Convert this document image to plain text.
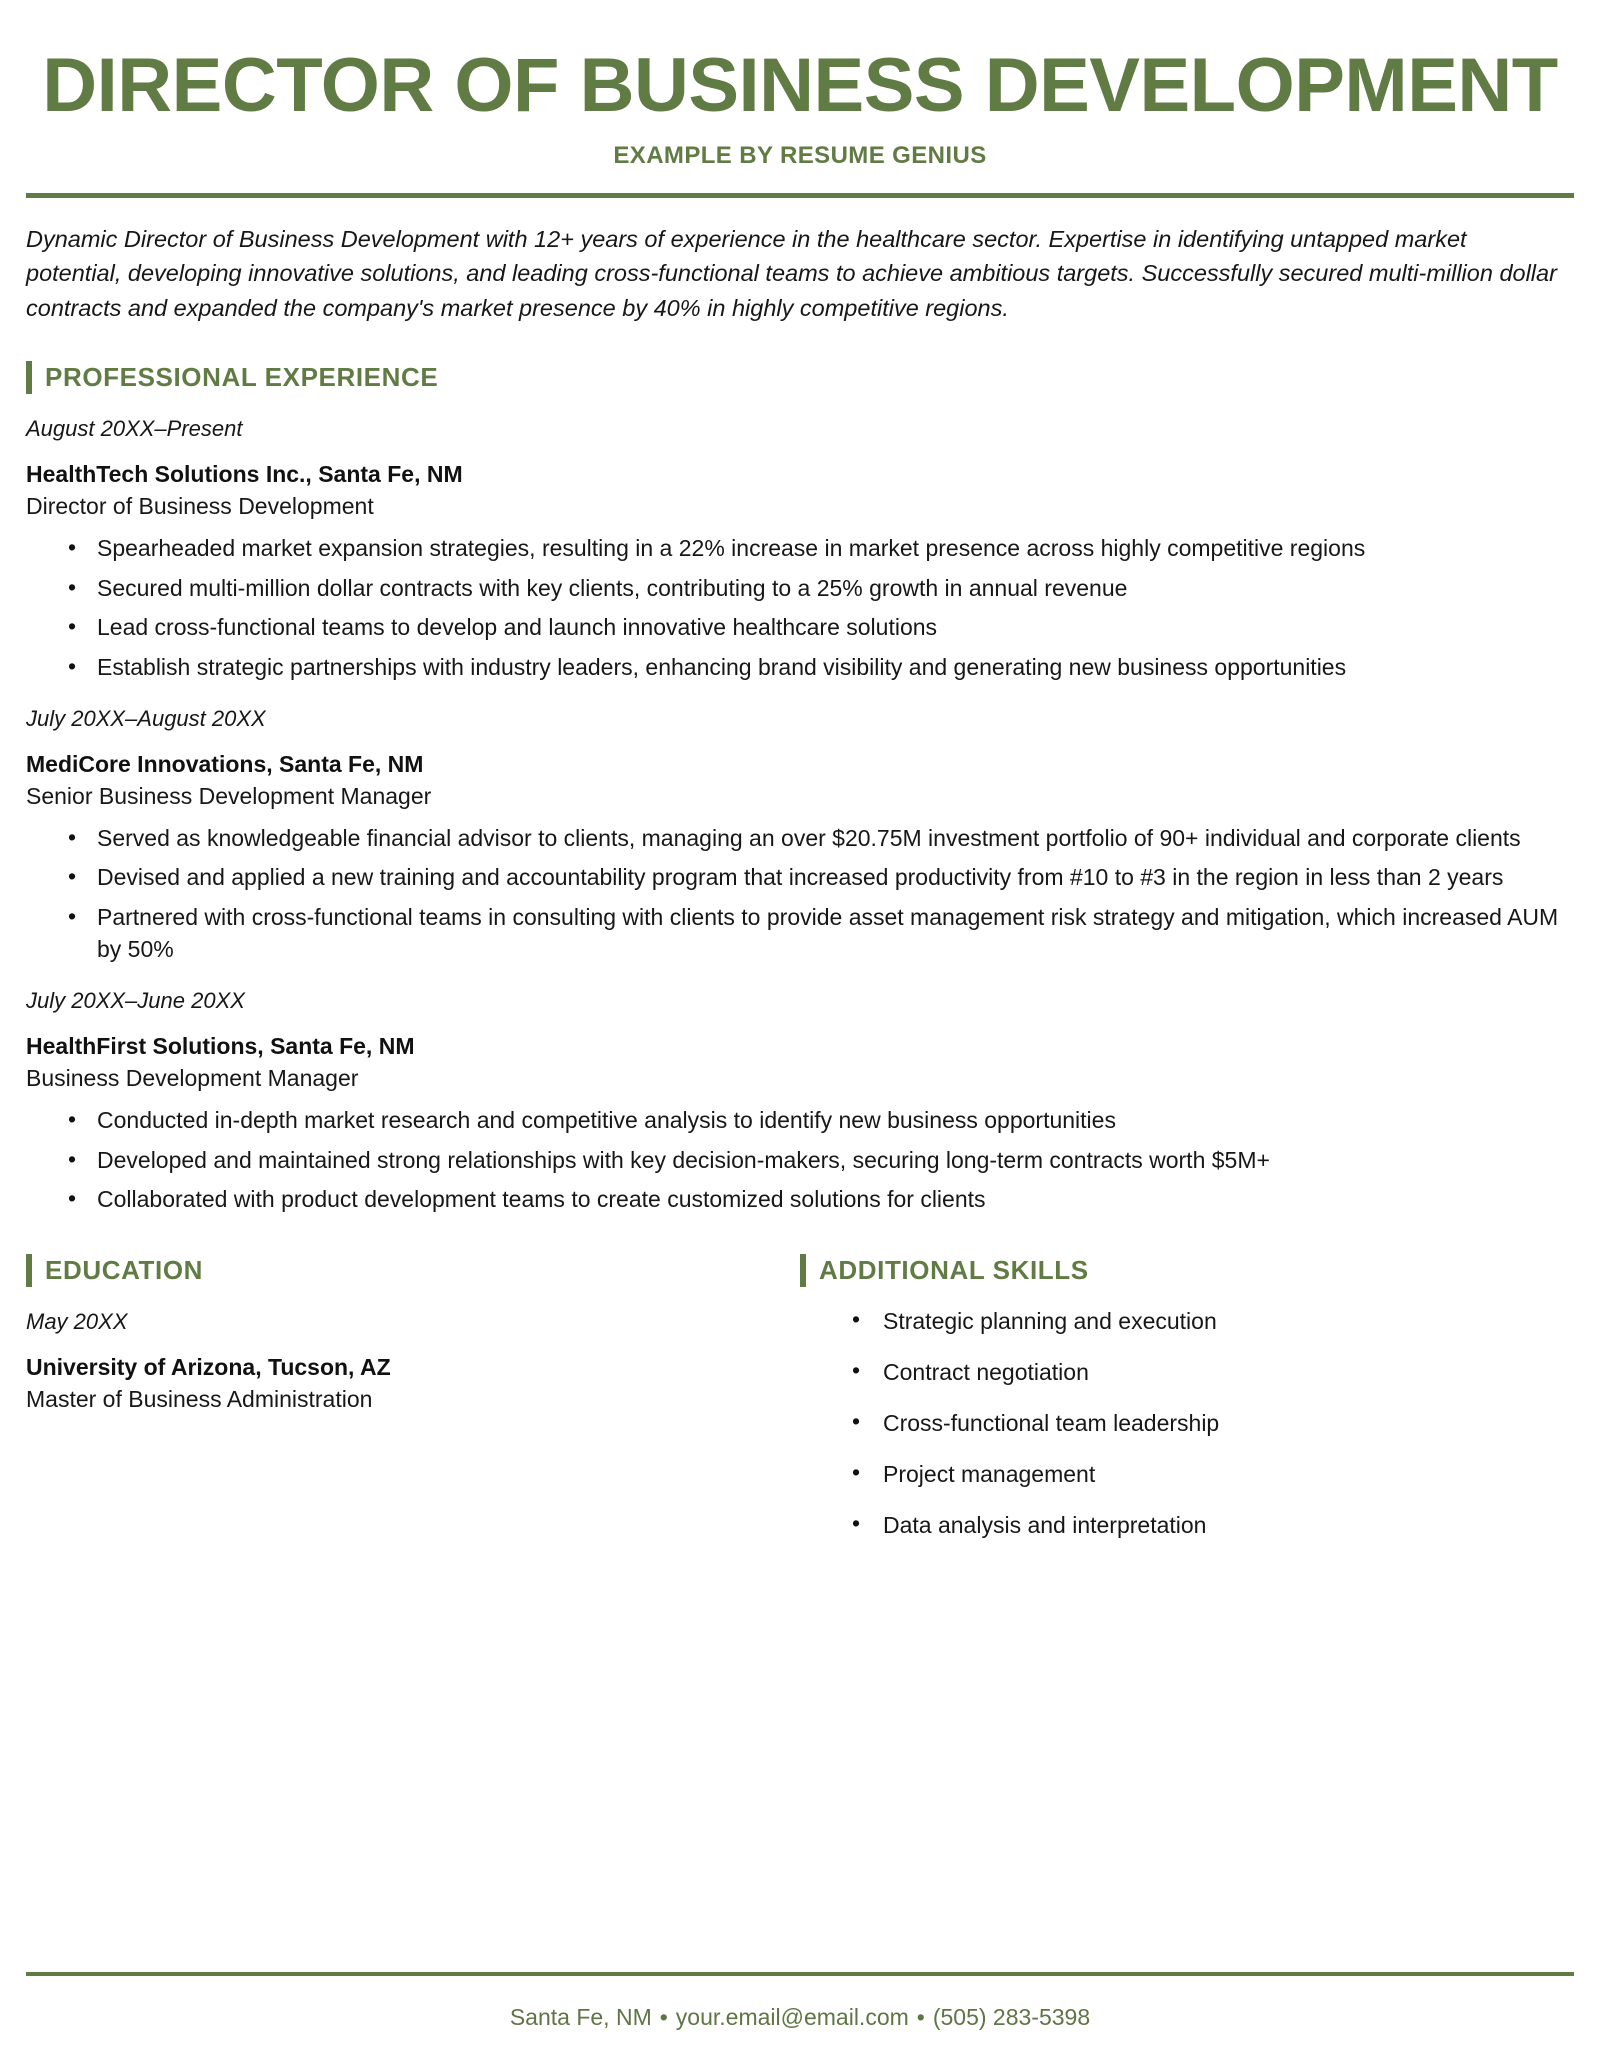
DIRECTOR OF BUSINESS DEVELOPMENT
EXAMPLE BY RESUME GENIUS
Dynamic Director of Business Development with 12+ years of experience in the healthcare sector. Expertise in identifying untapped market potential, developing innovative solutions, and leading cross-functional teams to achieve ambitious targets. Successfully secured multi-million dollar contracts and expanded the company's market presence by 40% in highly competitive regions.
PROFESSIONAL EXPERIENCE
August 20XX–Present
HealthTech Solutions Inc., Santa Fe, NM
Director of Business Development
• Spearheaded market expansion strategies, resulting in a 22% increase in market presence across highly competitive regions
• Secured multi-million dollar contracts with key clients, contributing to a 25% growth in annual revenue
• Lead cross-functional teams to develop and launch innovative healthcare solutions
• Establish strategic partnerships with industry leaders, enhancing brand visibility and generating new business opportunities
July 20XX–August 20XX
MediCore Innovations, Santa Fe, NM
Senior Business Development Manager
• Served as knowledgeable financial advisor to clients, managing an over $20.75M investment portfolio of 90+ individual and corporate clients
• Devised and applied a new training and accountability program that increased productivity from #10 to #3 in the region in less than 2 years
• Partnered with cross-functional teams in consulting with clients to provide asset management risk strategy and mitigation, which increased AUM by 50%
July 20XX–June 20XX
HealthFirst Solutions, Santa Fe, NM
Business Development Manager
• Conducted in-depth market research and competitive analysis to identify new business opportunities
• Developed and maintained strong relationships with key decision-makers, securing long-term contracts worth $5M+
• Collaborated with product development teams to create customized solutions for clients
EDUCATION
May 20XX
University of Arizona, Tucson, AZ
Master of Business Administration
ADDITIONAL SKILLS
• Strategic planning and execution
• Contract negotiation
• Cross-functional team leadership
• Project management
• Data analysis and interpretation
Santa Fe, NM • your.email@email.com • (505) 283-5398
